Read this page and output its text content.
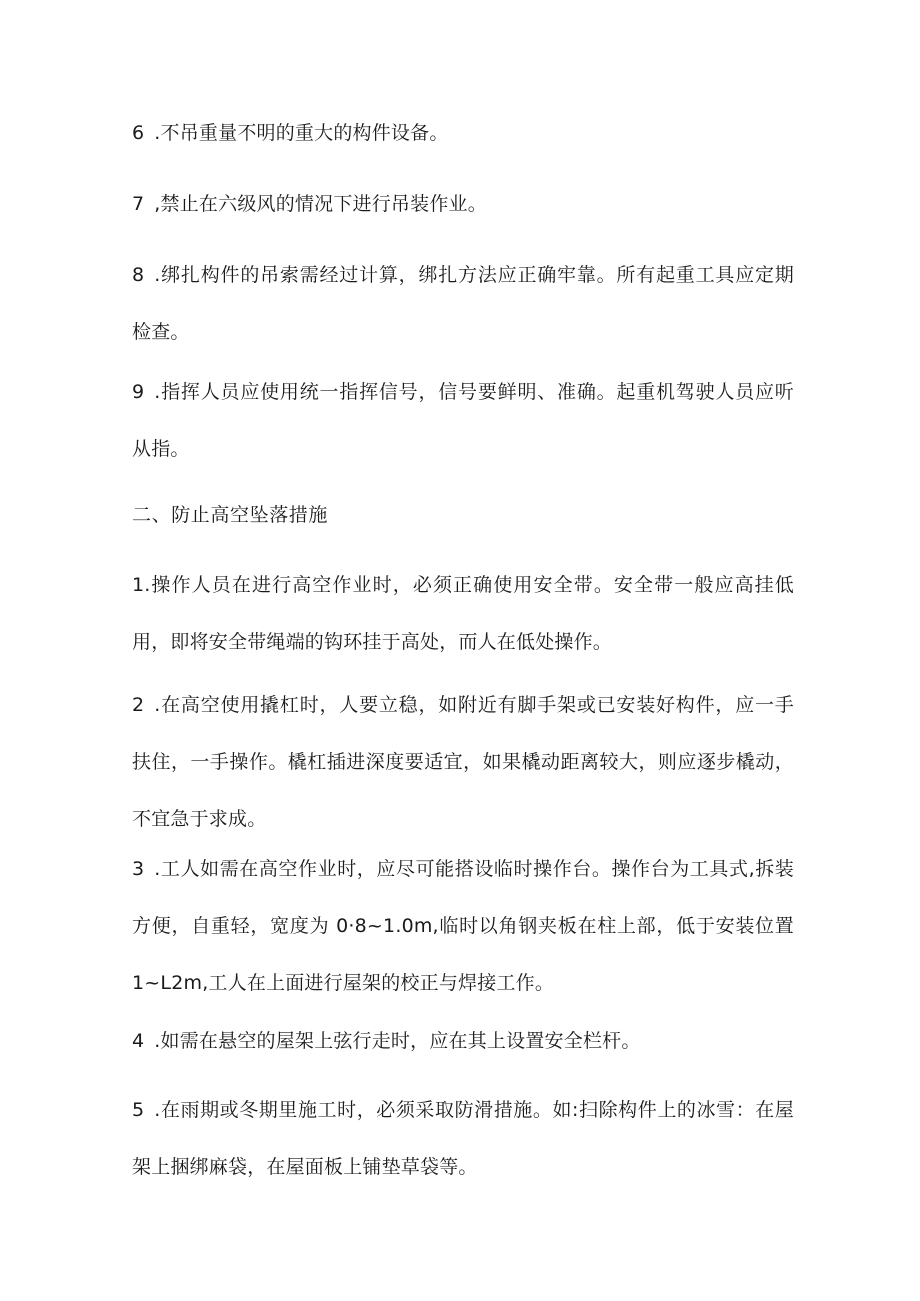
6 .不吊重量不明的重大的构件设备。

7 ,禁止在六级风的情况下进行吊装作业。

8 .绑扎构件的吊索需经过计算，绑扎方法应正确牢靠。所有起重工具应定期检查。

9 .指挥人员应使用统一指挥信号，信号要鲜明、准确。起重机驾驶人员应听从指。

二、防止高空坠落措施

1.操作人员在进行高空作业时，必须正确使用安全带。安全带一般应高挂低用，即将安全带绳端的钩环挂于高处，而人在低处操作。

2 .在高空使用撬杠时，人要立稳，如附近有脚手架或已安装好构件，应一手扶住，一手操作。橇杠插进深度要适宜，如果橇动距离较大，则应逐步橇动，不宜急于求成。

3 .工人如需在高空作业时，应尽可能搭设临时操作台。操作台为工具式,拆装方便，自重轻，宽度为 0·8~1.0m,临时以角钢夹板在柱上部，低于安装位置 1~L2m,工人在上面进行屋架的校正与焊接工作。

4 .如需在悬空的屋架上弦行走时，应在其上设置安全栏杆。

5 .在雨期或冬期里施工时，必须采取防滑措施。如:扫除构件上的冰雪：在屋架上捆绑麻袋，在屋面板上铺垫草袋等。
